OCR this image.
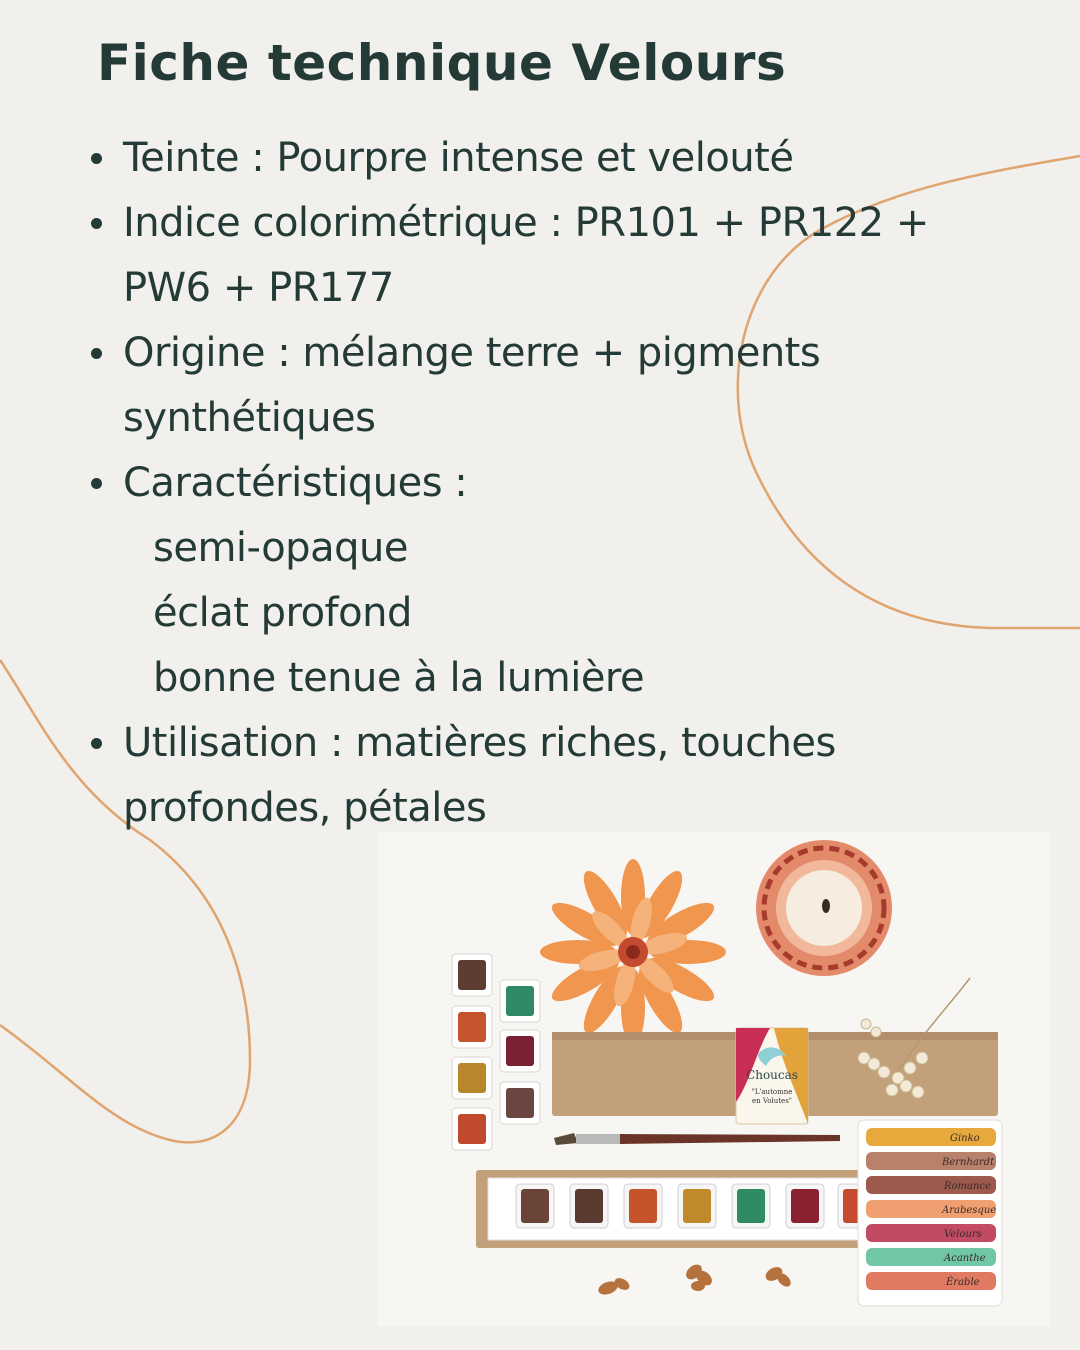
Fiche technique Velours
Teinte : Pourpre intense et velouté
Indice colorimétrique : PR101 + PR122 +
PW6 + PR177
Origine : mélange terre + pigments
synthétiques
Caractéristiques :
semi-opaque
éclat profond
bonne tenue à la lumière
Utilisation : matières riches, touches
profondes, pétales
Choucas
"L'automne
en Volutes"
Ginko
Bernhardt
Romance
Arabesque
Velours
Acanthe
Érable
